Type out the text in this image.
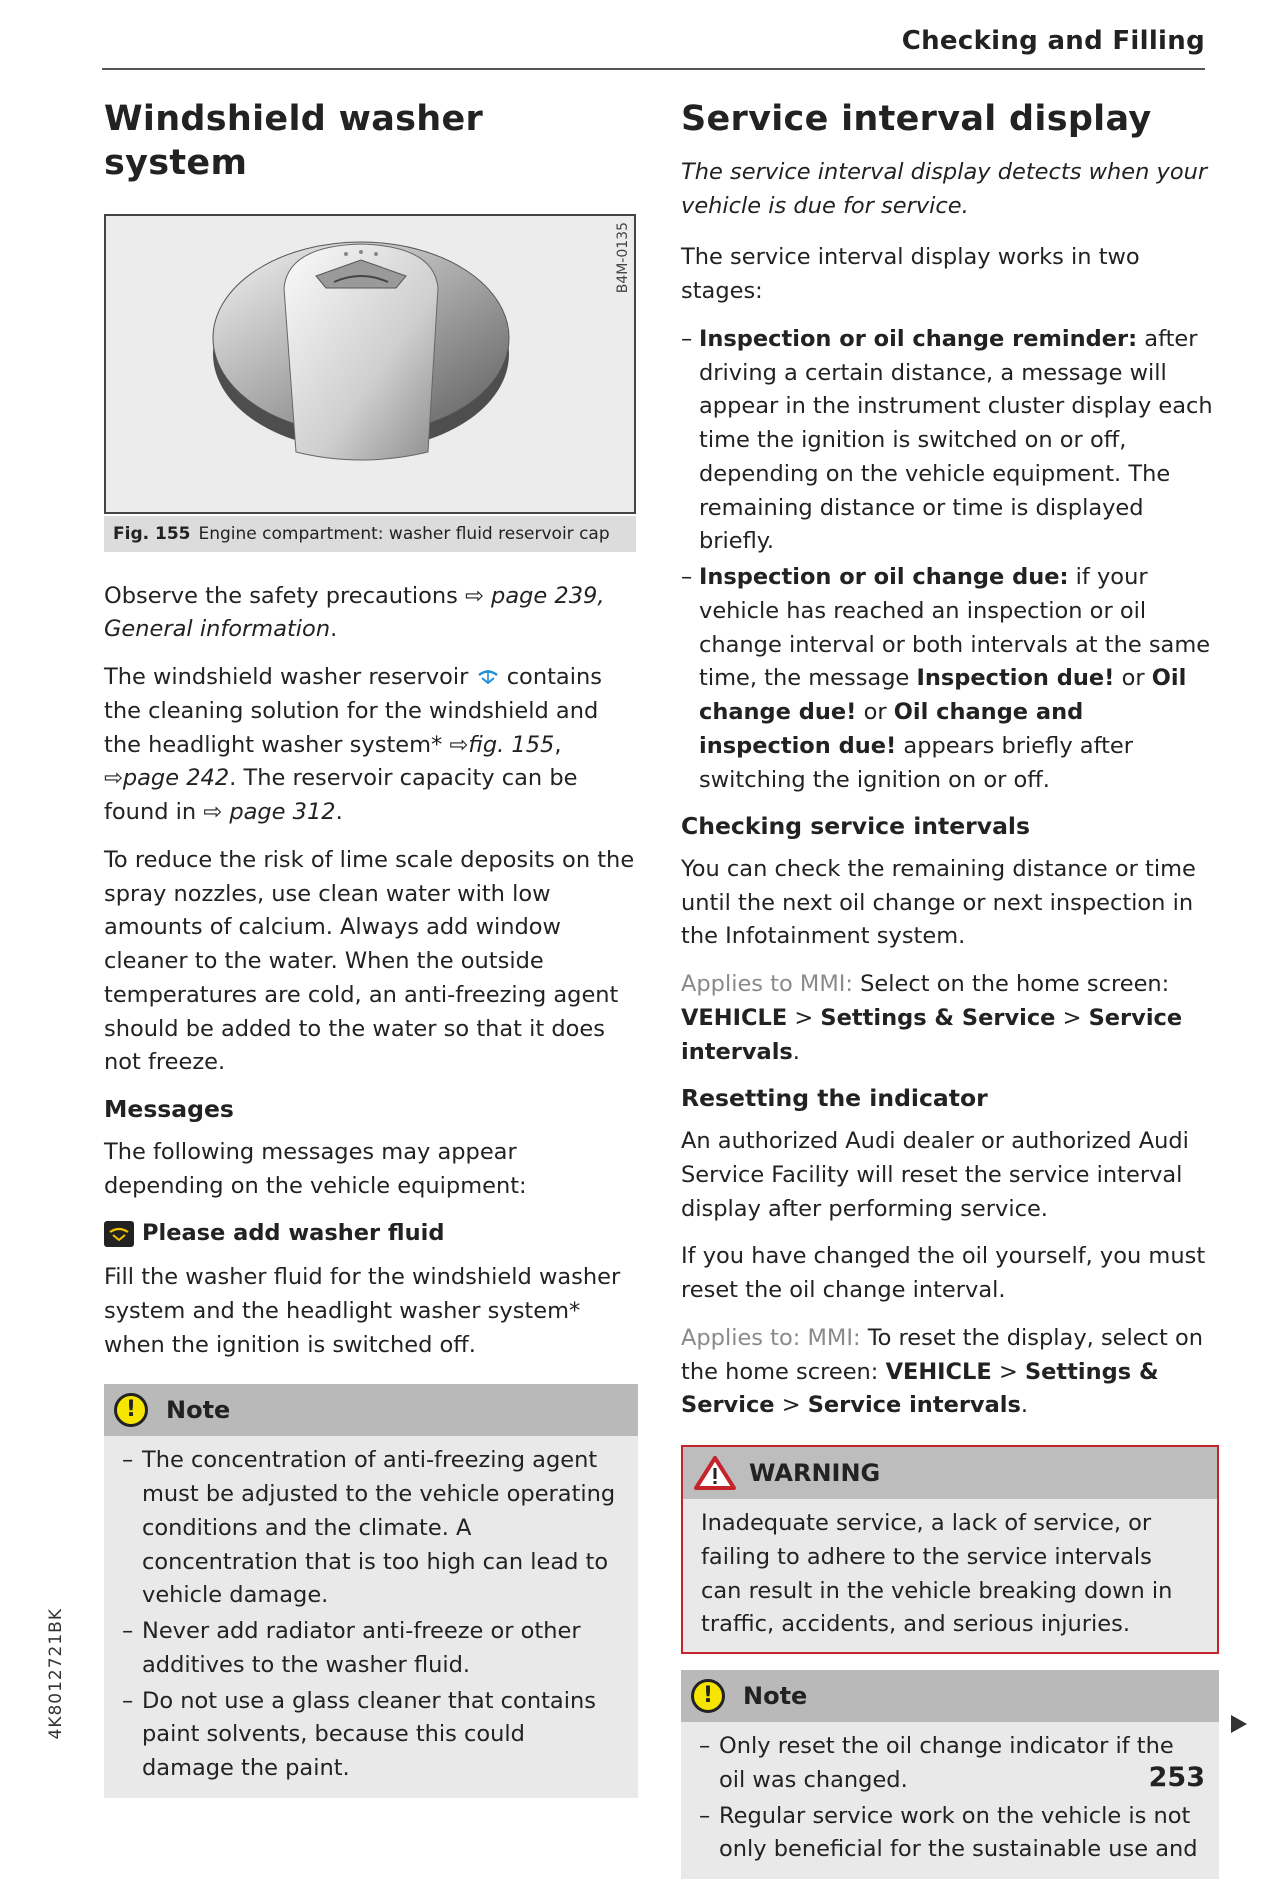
Checking and Filling
Windshield washer system
B4M-0135
Fig. 155 Engine compartment: washer fluid reservoir cap

Observe the safety precautions ⇨ page 239, General information.

The windshield washer reservoir contains the cleaning solution for the windshield and the headlight washer system* ⇨fig. 155, ⇨page 242. The reservoir capacity can be found in ⇨ page 312.

To reduce the risk of lime scale deposits on the spray nozzles, use clean water with low amounts of calcium. Always add window cleaner to the water. When the outside temperatures are cold, an anti-freezing agent should be added to the water so that it does not freeze.

Messages

The following messages may appear depending on the vehicle equipment:

Please add washer fluid

Fill the washer fluid for the windshield washer system and the headlight washer system* when the ignition is switched off.

!	Note
– The concentration of anti-freezing agent must be adjusted to the vehicle operating conditions and the climate. A concentration that is too high can lead to vehicle damage.
– Never add radiator anti-freeze or other additives to the washer fluid.
– Do not use a glass cleaner that contains paint solvents, because this could damage the paint.
Service interval display

The service interval display detects when your vehicle is due for service.

The service interval display works in two stages:

– Inspection or oil change reminder: after driving a certain distance, a message will appear in the instrument cluster display each time the ignition is switched on or off, depending on the vehicle equipment. The remaining distance or time is displayed briefly.
– Inspection or oil change due: if your vehicle has reached an inspection or oil change interval or both intervals at the same time, the message Inspection due! or Oil change due! or Oil change and inspection due! appears briefly after switching the ignition on or off.
Checking service intervals

You can check the remaining distance or time until the next oil change or next inspection in the Infotainment system.

Applies to MMI: Select on the home screen: VEHICLE > Settings & Service > Service intervals.

Resetting the indicator

An authorized Audi dealer or authorized Audi Service Facility will reset the service interval display after performing service.

If you have changed the oil yourself, you must reset the oil change interval.

Applies to: MMI: To reset the display, select on the home screen: VEHICLE > Settings & Service > Service intervals.

WARNING
Inadequate service, a lack of service, or failing to adhere to the service intervals can result in the vehicle breaking down in traffic, accidents, and serious injuries.
!	Note
– Only reset the oil change indicator if the oil was changed.
– Regular service work on the vehicle is not only beneficial for the sustainable use and
4K8012721BK
253
